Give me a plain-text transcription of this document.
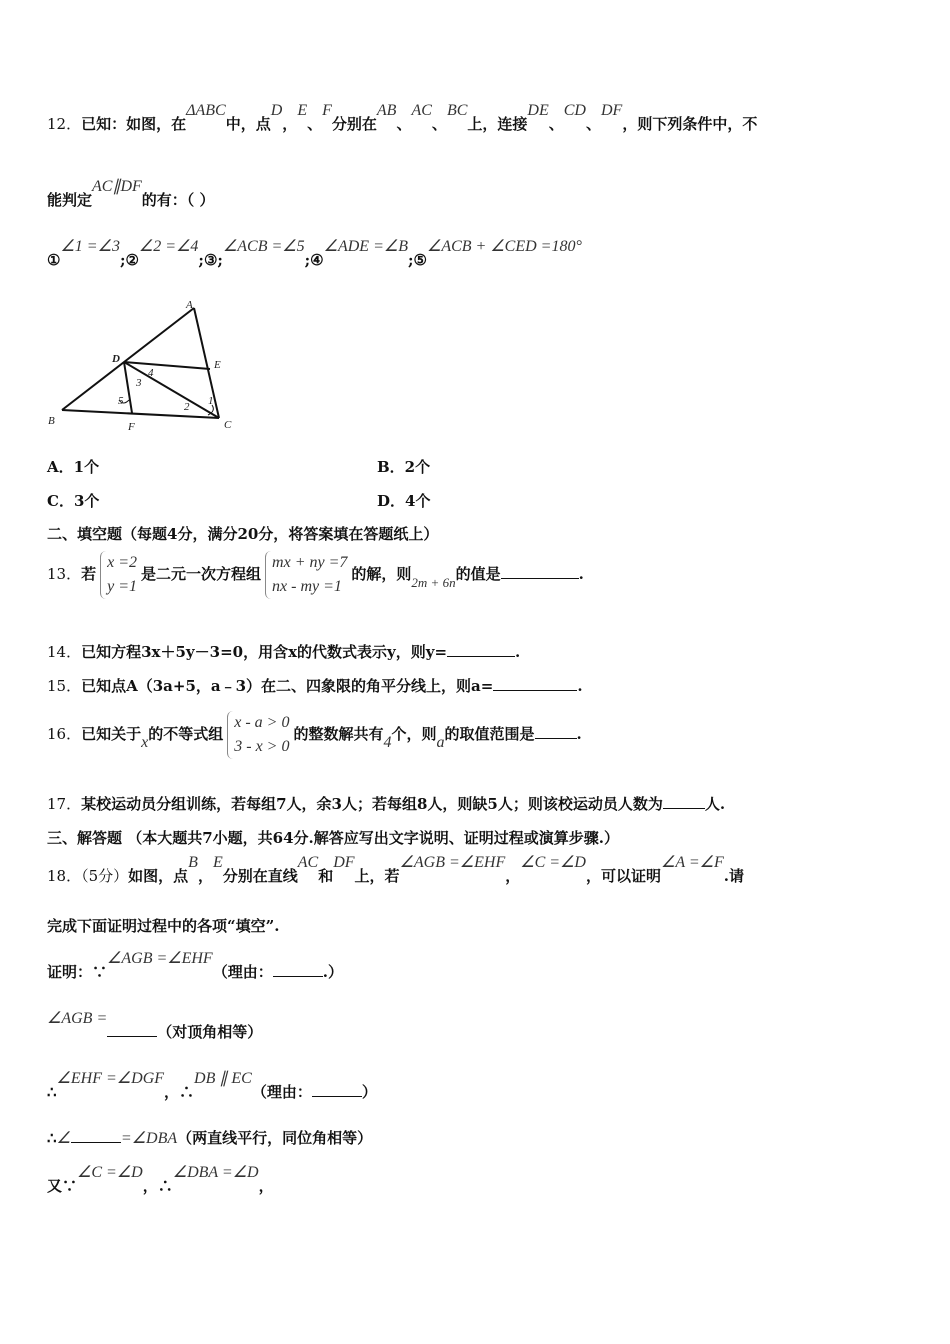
12．已知：如图，在ΔABC中，点D，E、F分别在AB、AC、BC上，连接DE、CD、DF，则下列条件中，不
能判定AC∥DF的有：（ ）
①∠1 =∠3;②∠2 =∠4;③;∠ACB =∠5;④∠ADE =∠B;⑤∠ACB + ∠CED =180°
A
B	C
D	E
F
1
2
3
4
5
A．1个	B．2个
C．3个	D．4个
二、填空题（每题4分，满分20分，将答案填在答题纸上）
13．若
x =2
y =1
是二元一次方程组
mx + ny =7
nx - my =1
的解，则2m + 6n的值是	.
14．已知方程3x＋5y－3=0，用含x的代数式表示y，则y=	.
15．已知点A（3a+5，a﹣3）在二、四象限的角平分线上，则a=	.
16．已知关于x的不等式组
x - a > 0
3 - x > 0
的整数解共有4个，则a的取值范围是	.
17．某校运动员分组训练，若每组7人，余3人；若每组8人，则缺5人；则该校运动员人数为	人.
三、解答题 （本大题共7小题，共64分.解答应写出文字说明、证明过程或演算步骤.）
18．（5分）如图，点B，E分别在直线AC和DF上，若∠AGB =∠EHF，∠C =∠D，可以证明∠A =∠F.请
完成下面证明过程中的各项“填空”.
证明：∵∠AGB =∠EHF（理由：	.）
∠AGB =（对顶角相等）
∴∠EHF =∠DGF，∴DB ∥ EC（理由：	）
∴∠	=∠DBA（两直线平行，同位角相等）
又∵∠C =∠D，∴∠DBA =∠D，
